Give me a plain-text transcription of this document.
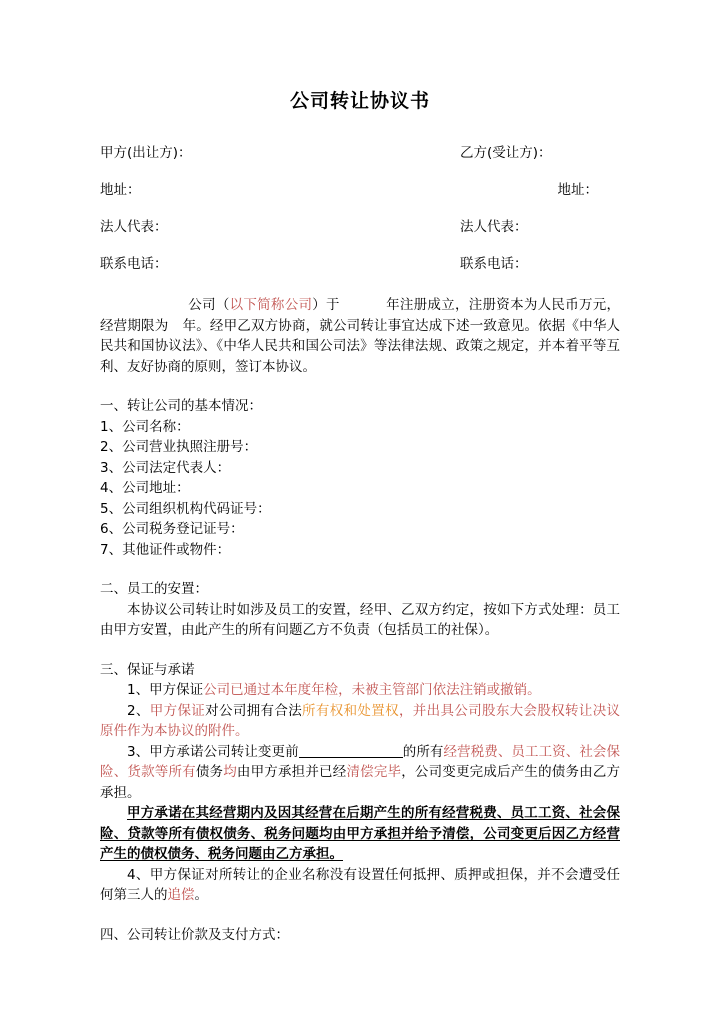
公司转让协议书
甲方(出让方)：	乙方(受让方)：
地址：	地址：
法人代表：	法人代表：
联系电话：	联系电话：

公司（以下简称公司）于	年注册成立，注册资本为人民币万元，经营期限为 年。经甲乙双方协商，就公司转让事宜达成下述一致意见。依据《中华人民共和国协议法》、《中华人民共和国公司法》等法律法规、政策之规定，并本着平等互利、友好协商的原则，签订本协议。

一、转让公司的基本情况：

1、公司名称：

2、公司营业执照注册号：

3、公司法定代表人：

4、公司地址：

5、公司组织机构代码证号：

6、公司税务登记证号：

7、其他证件或物件：

二、员工的安置：

本协议公司转让时如涉及员工的安置，经甲、乙双方约定，按如下方式处理：员工由甲方安置，由此产生的所有问题乙方不负责（包括员工的社保）。

三、保证与承诺

1、甲方保证公司已通过本年度年检，未被主管部门依法注销或撤销。

2、甲方保证对公司拥有合法所有权和处置权，并出具公司股东大会股权转让决议原件作为本协议的附件。

3、甲方承诺公司转让变更前	的所有经营税费、员工工资、社会保险、货款等所有债务均由甲方承担并已经清偿完毕，公司变更完成后产生的债务由乙方承担。

甲方承诺在其经营期内及因其经营在后期产生的所有经营税费、员工工资、社会保险、贷款等所有债权债务、税务问题均由甲方承担并给予清偿，公司变更后因乙方经营产生的债权债务、税务问题由乙方承担。

4、甲方保证对所转让的企业名称没有设置任何抵押、质押或担保，并不会遭受任何第三人的追偿。

四、公司转让价款及支付方式：
